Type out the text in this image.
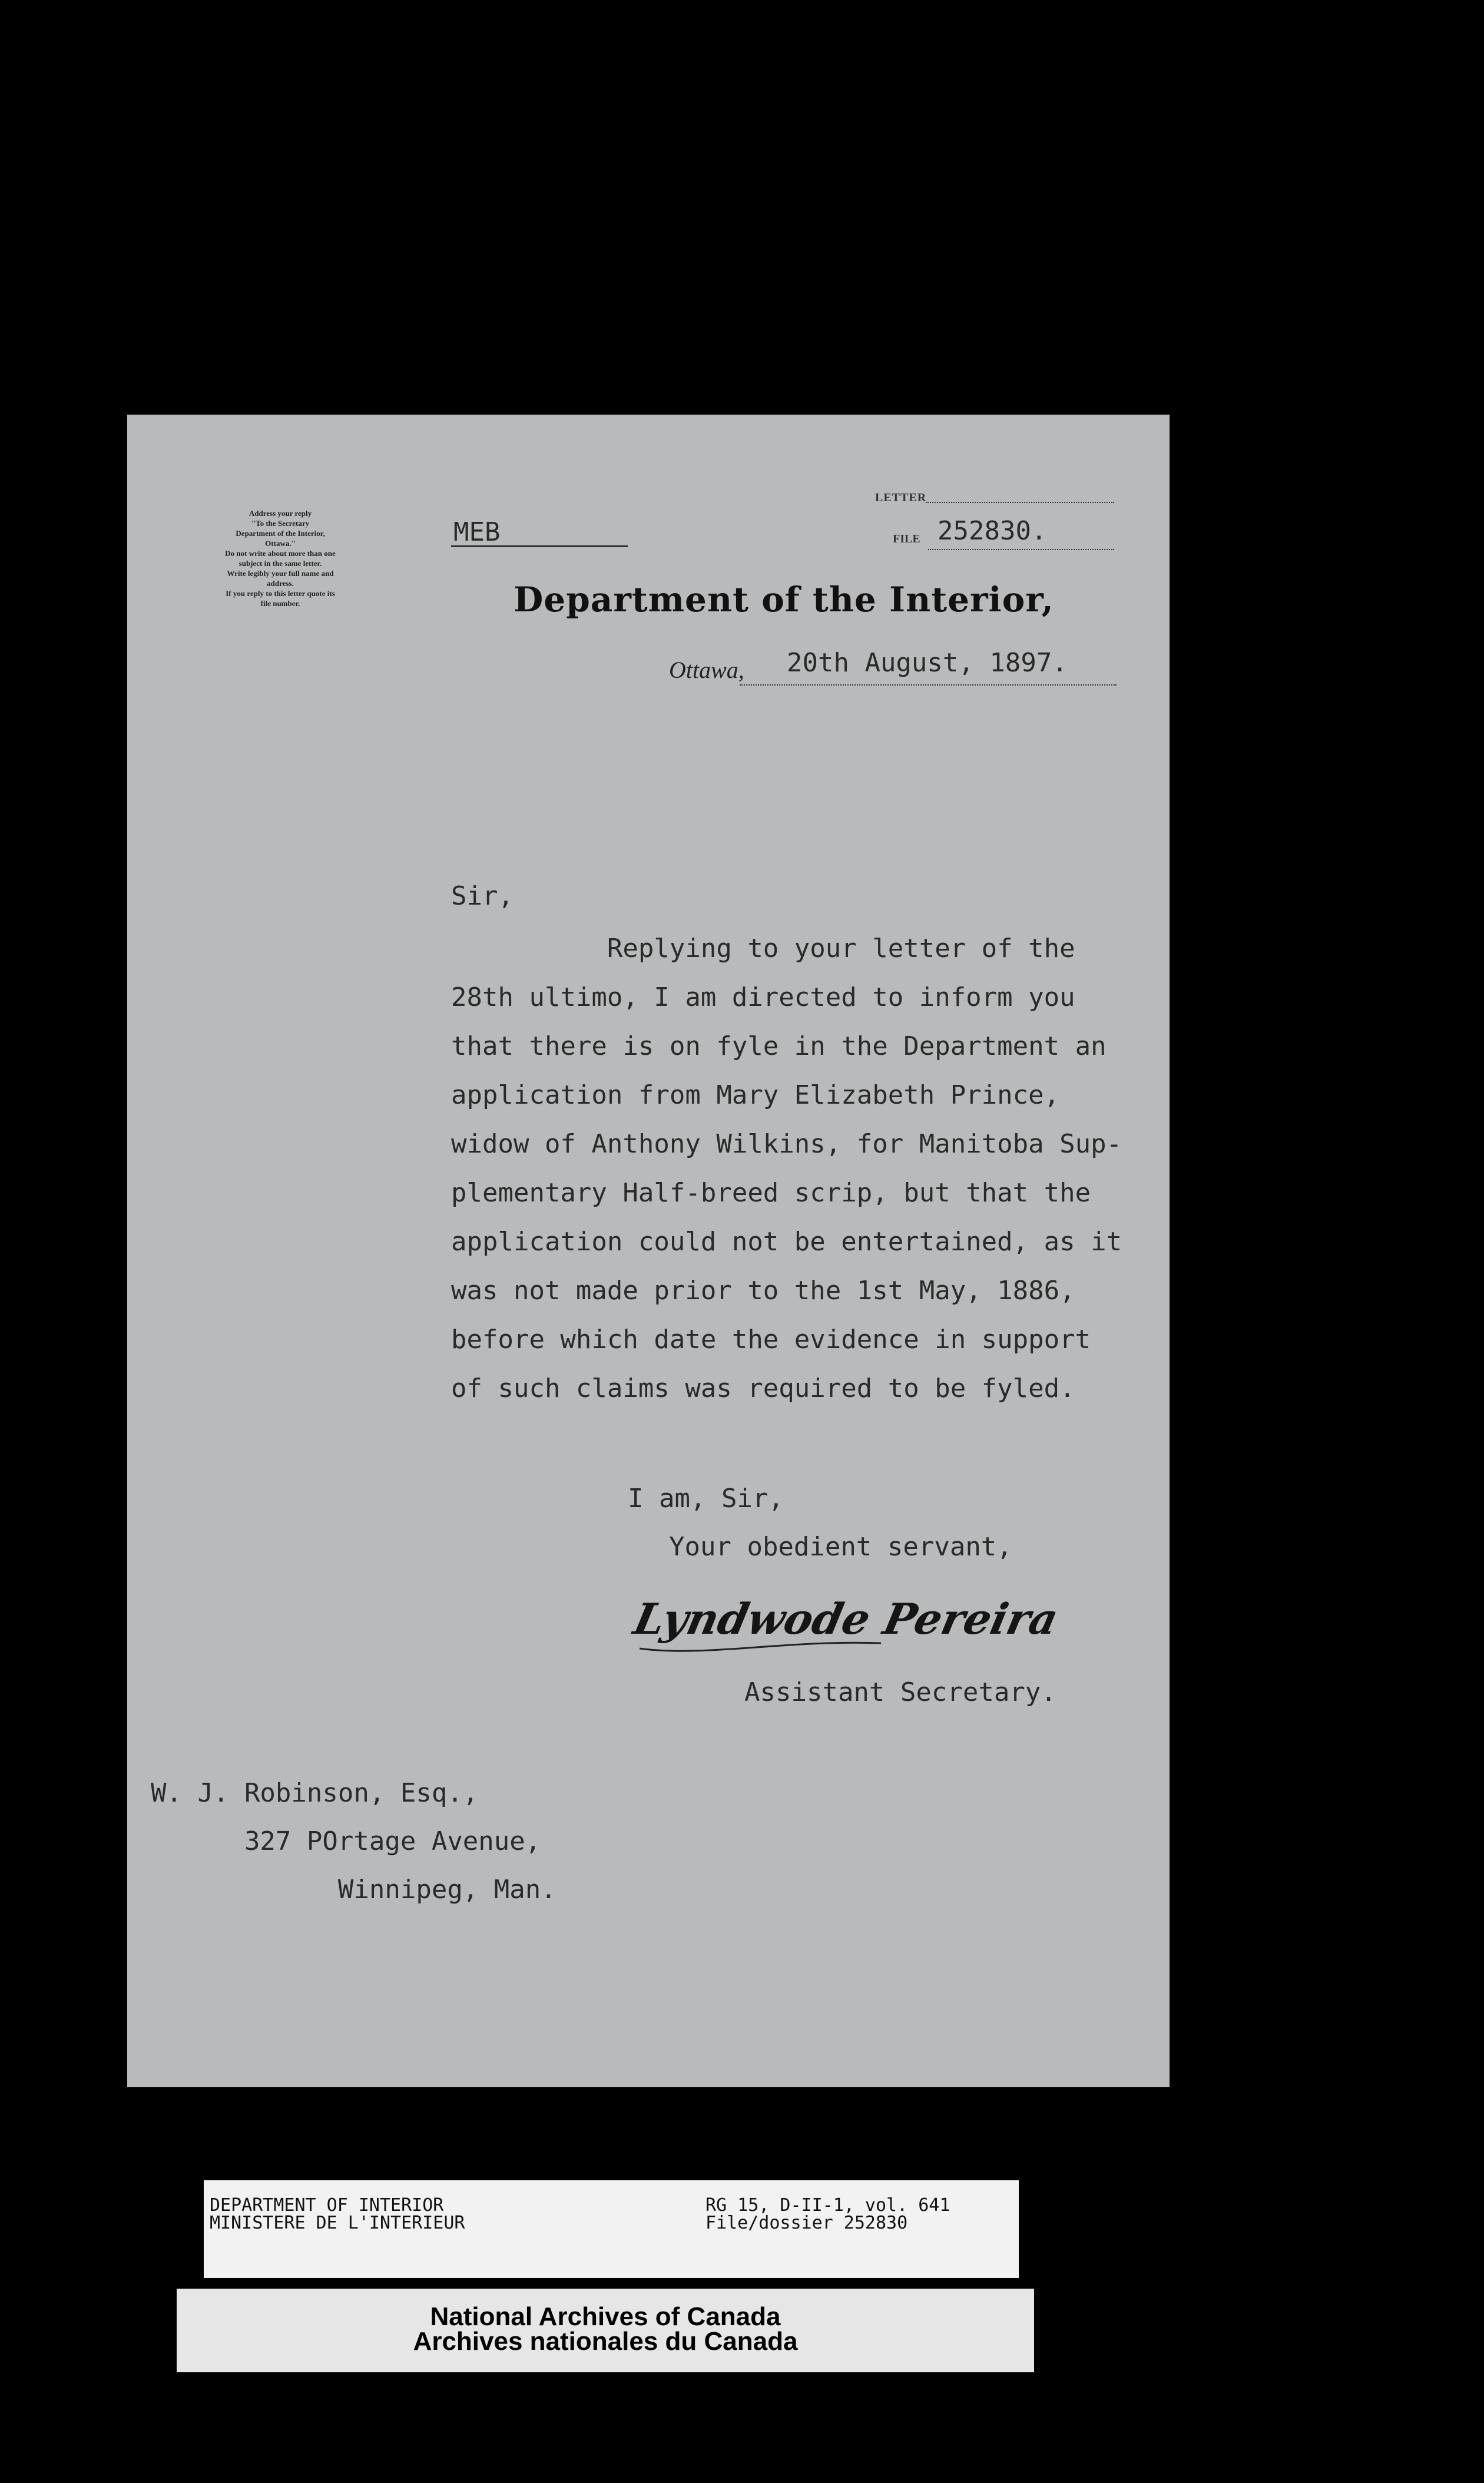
Address your reply
"To the Secretary
Department of the Interior,
Ottawa."
Do not write about more than one
subject in the same letter.
Write legibly your full name and
address.
If you reply to this letter quote its
file number.
MEB
LETTER
252830.
FILE
Department of the Interior,
Ottawa, 20th August, 1897.
Sir,
Replying to your letter of the
28th ultimo, I am directed to inform you
that there is on fyle in the Department an
application from Mary Elizabeth Prince,
widow of Anthony Wilkins, for Manitoba Sup-
plementary Half-breed scrip, but that the
application could not be entertained, as it
was not made prior to the 1st May, 1886,
before which date the evidence in support
of such claims was required to be fyled.
I am, Sir,
Your obedient servant,
Lyndwode Pereira
Assistant Secretary.
W. J. Robinson, Esq.,
327 POrtage Avenue,
Winnipeg, Man.
DEPARTMENT OF INTERIOR
MINISTERE DE L'INTERIEUR
RG 15, D-II-1, vol. 641
File/dossier 252830
National Archives of Canada
Archives nationales du Canada
